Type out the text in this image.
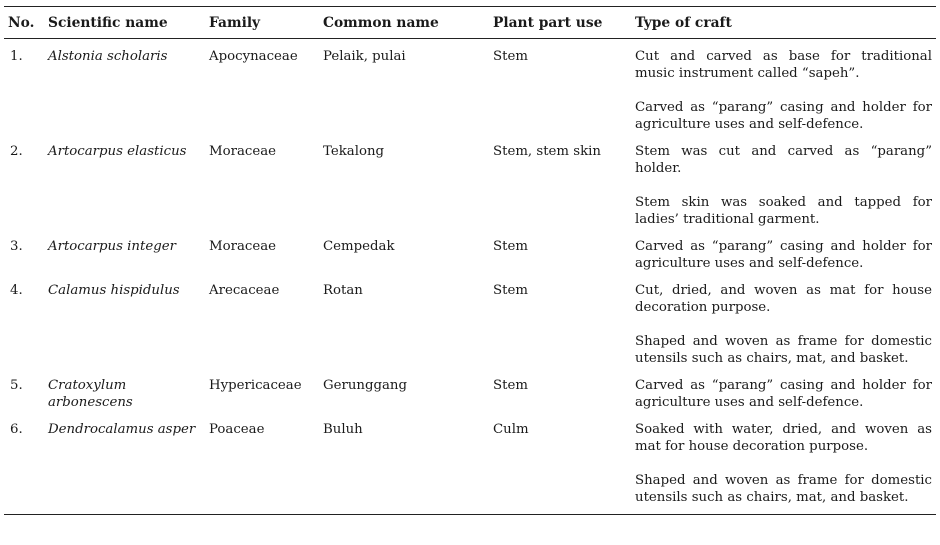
No.	Scientific name	Family	Common name	Plant part use	Type of craft
1.	Alstonia scholaris	Apocynaceae	Pelaik, pulai	Stem	Cut and carved as base for traditional music instrument called “sapeh”.

Carved as “parang” casing and holder for agriculture uses and self-defence.

2.	Artocarpus elasticus	Moraceae	Tekalong	Stem, stem skin	Stem was cut and carved as “parang” holder.

Stem skin was soaked and tapped for ladies’ traditional garment.

3.	Artocarpus integer	Moraceae	Cempedak	Stem	Carved as “parang” casing and holder for agriculture uses and self-defence.

4.	Calamus hispidulus	Arecaceae	Rotan	Stem	Cut, dried, and woven as mat for house decoration purpose.

Shaped and woven as frame for domestic utensils such as chairs, mat, and basket.

5.	Cratoxylum arbonescens	Hypericaceae	Gerunggang	Stem	Carved as “parang” casing and holder for agriculture uses and self-defence.

6.	Dendrocalamus asper	Poaceae	Buluh	Culm	Soaked with water, dried, and woven as mat for house decoration purpose.

Shaped and woven as frame for domestic utensils such as chairs, mat, and basket.
